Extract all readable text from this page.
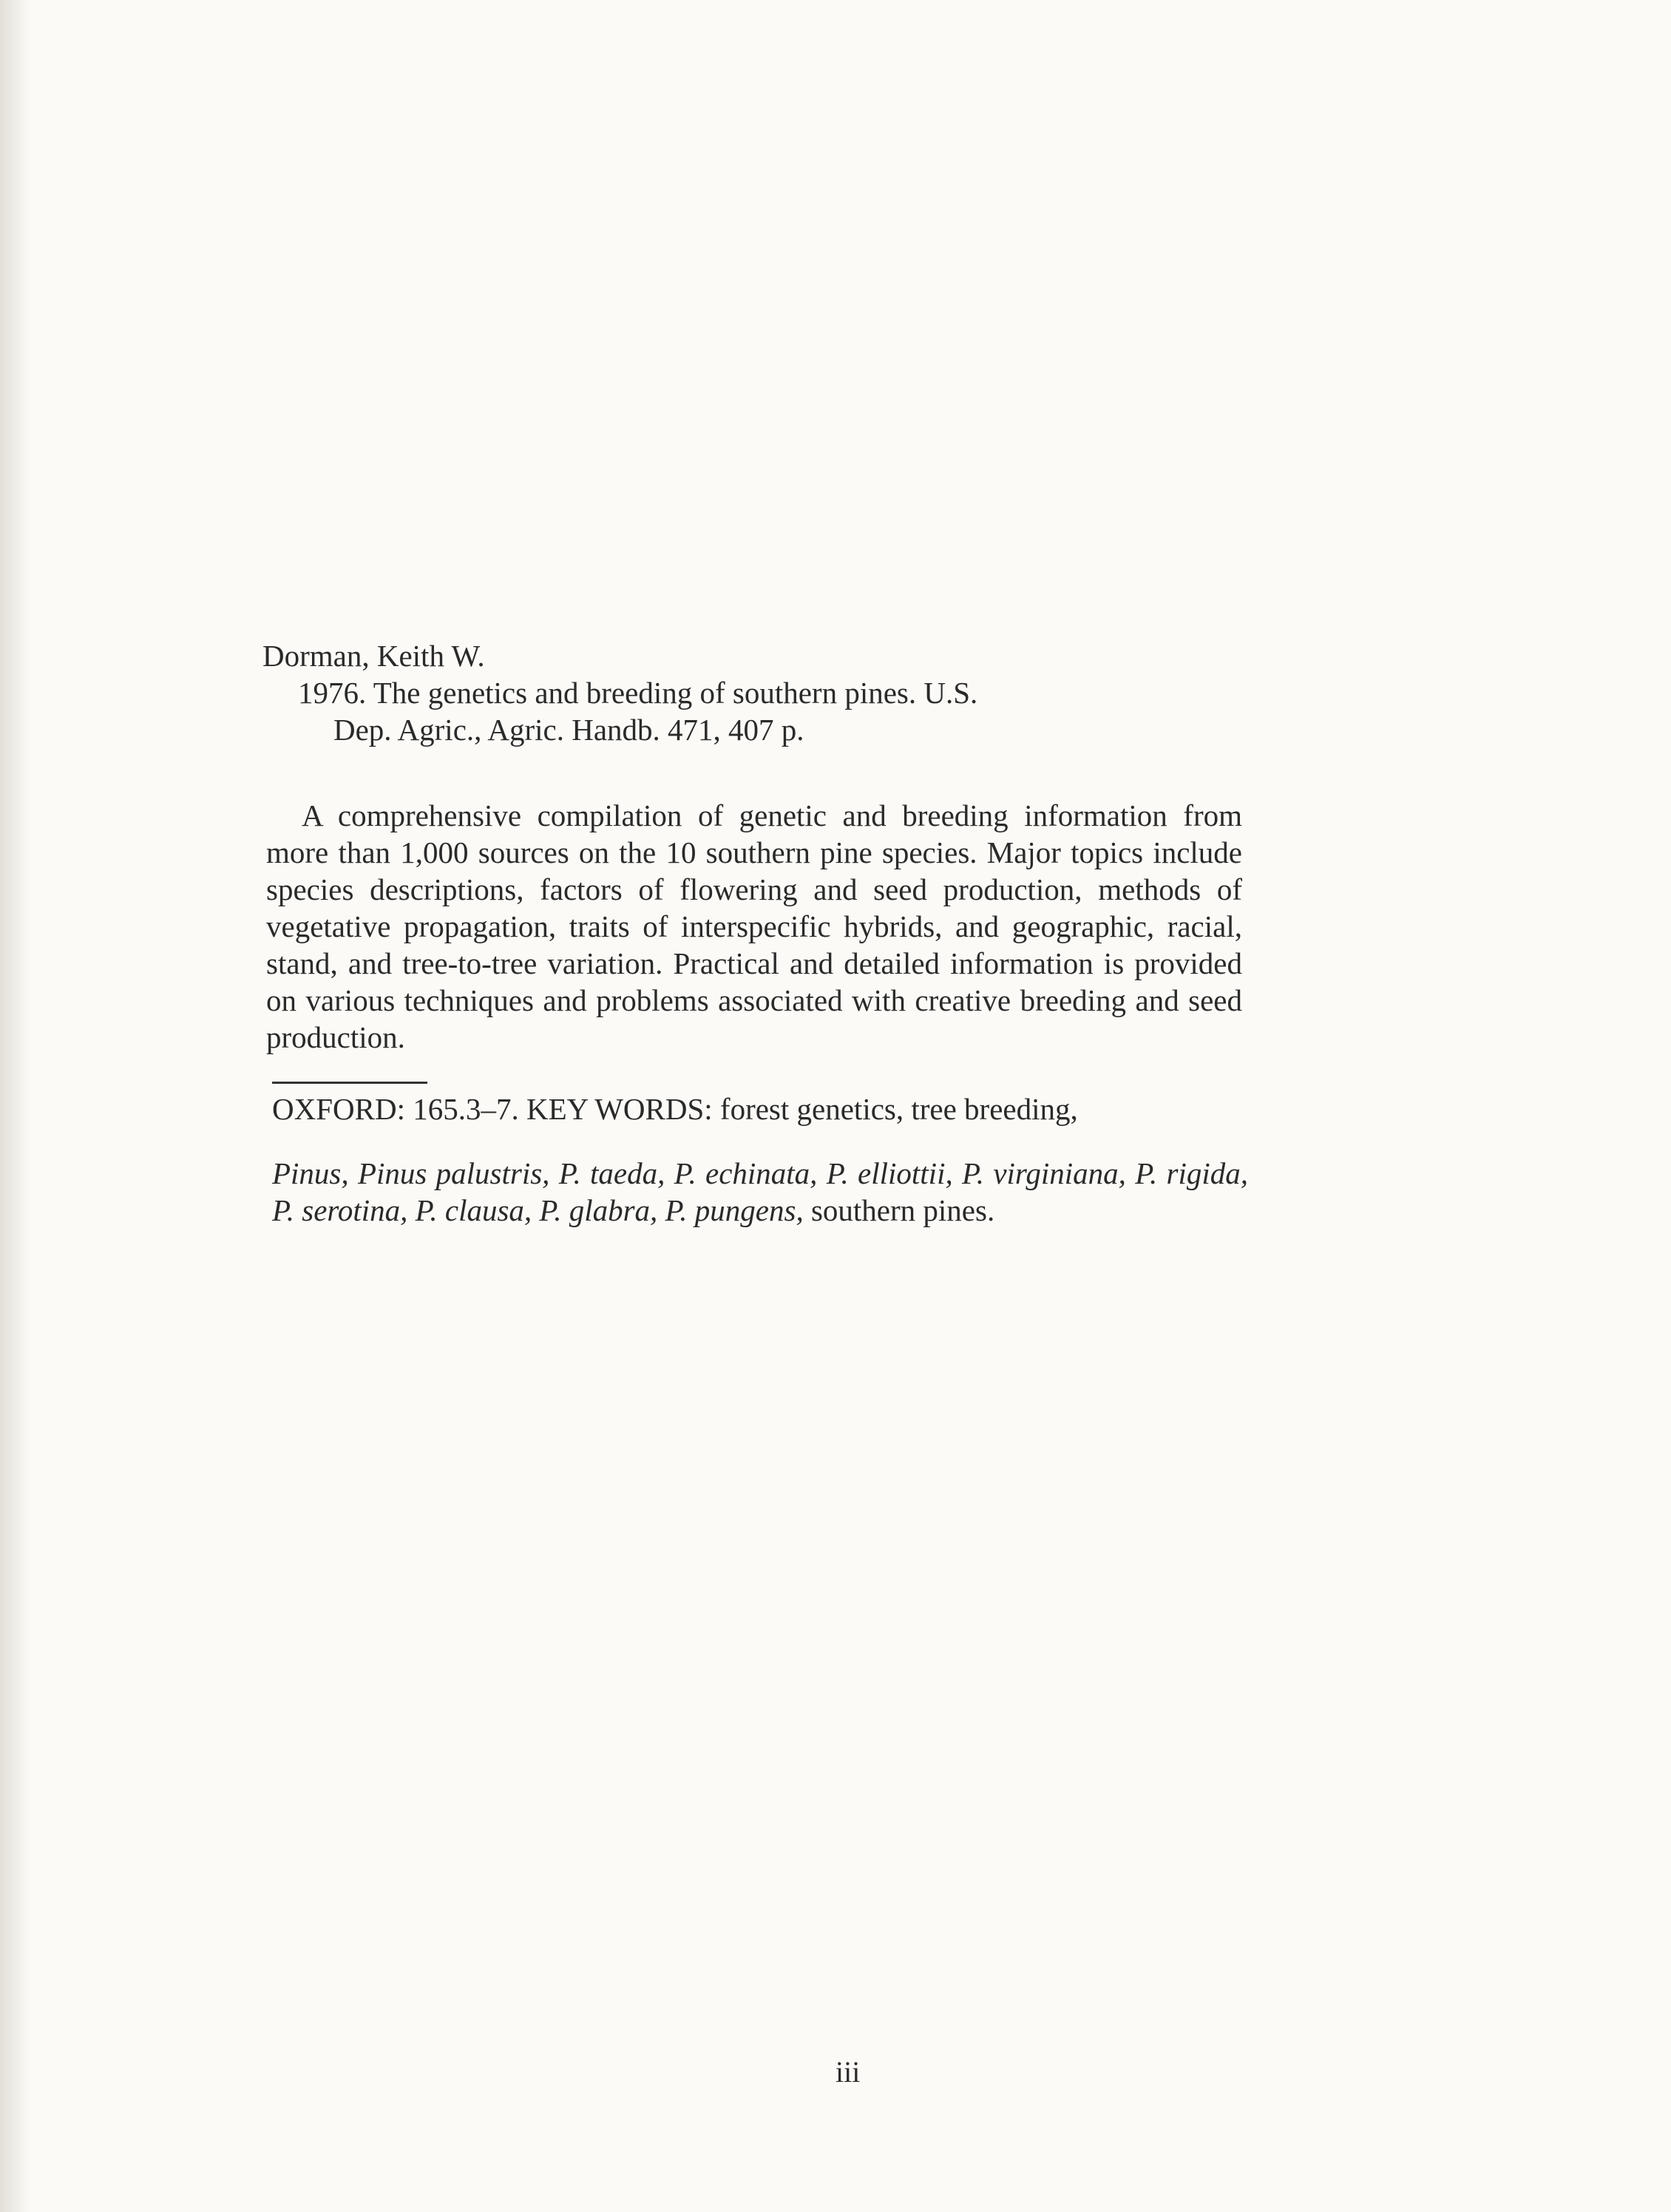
Dorman, Keith W.
1976. The genetics and breeding of southern pines. U.S.
Dep. Agric., Agric. Handb. 471, 407 p.

A comprehensive compilation of genetic and breeding information from more than 1,000 sources on the 10 southern pine species. Major topics include species descriptions, factors of flowering and seed production, methods of vegetative propagation, traits of interspecific hybrids, and geographic, racial, stand, and tree-to-tree variation. Practical and detailed information is provided on various techniques and problems associated with creative breeding and seed production.

OXFORD: 165.3–7. KEY WORDS: forest genetics, tree breeding,

Pinus, Pinus palustris, P. taeda, P. echinata, P. elliottii, P. virginiana, P. rigida, P. serotina, P. clausa, P. glabra, P. pungens, southern pines.

iii
